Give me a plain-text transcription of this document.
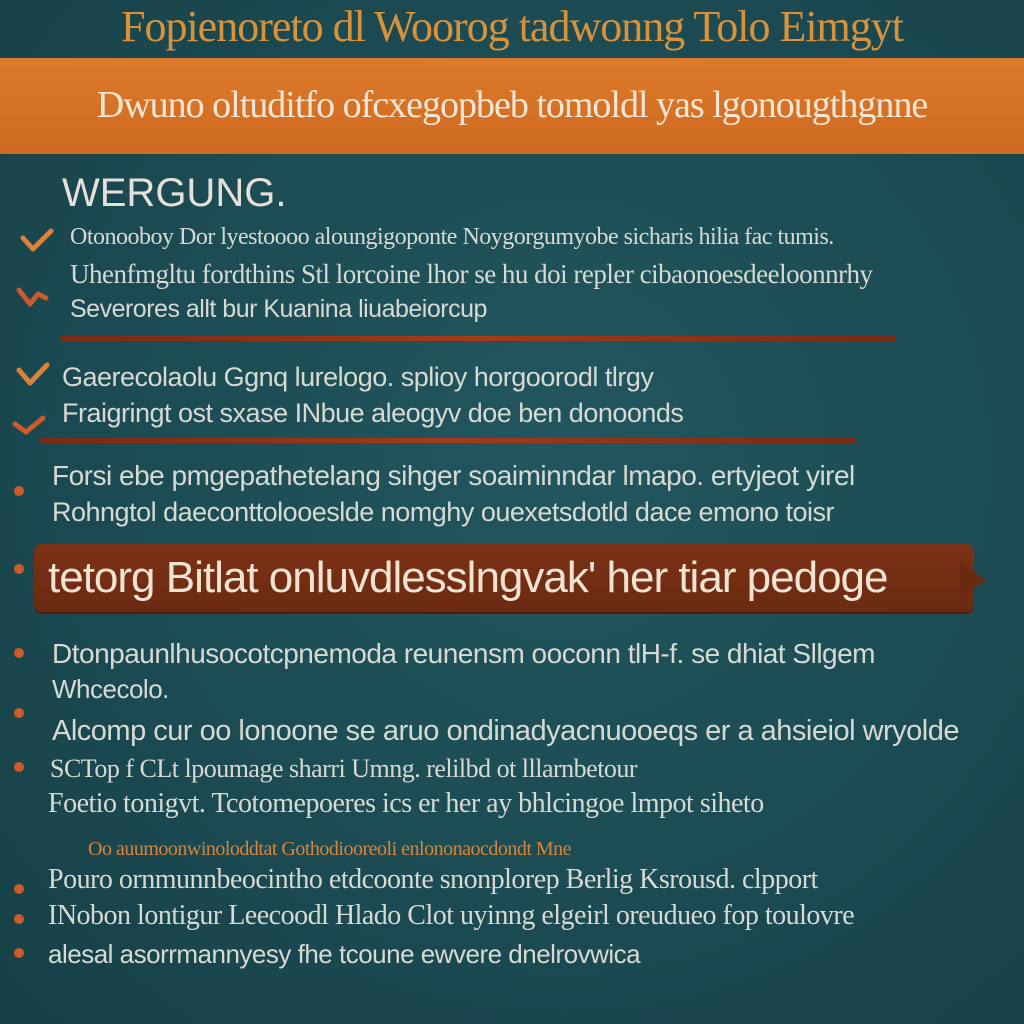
Fopienoreto dl Woorog tadwonng Tolo Eimgyt
Dwuno oltuditfo ofcxegopbeb tomoldl yas lgonougthgnne
WERGUNG.
Otonooboy Dor lyestoooo aloungigoponte Noygorgumyobe sicharis hilia fac tumis.
Uhenfmgltu fordthins Stl lorcoine lhor se hu doi repler cibaonoesdeeloonnrhy
Severores allt bur Kuanina liuabeiorcup
Gaerecolaolu Ggnq lurelogo. splioy horgoorodl tlrgy
Fraigringt ost sxase INbue aleogyv doe ben donoonds
Forsi ebe pmgepathetelang sihger soaiminndar lmapo. ertyjeot yirel
Rohngtol daeconttolooeslde nomghy ouexetsdotld dace emono toisr
tetorg Bitlat onluvdlesslngvak' her tiar pedoge
Dtonpaunlhusocotcpnemoda reunensm ooconn tlH-f. se dhiat Sllgem
Whcecolo.
Alcomp cur oo lonoone se aruo ondinadyacnuooeqs er a ahsieiol wryolde
SCTop f CLt lpoumage sharri Umng. relilbd ot lllarnbetour
Foetio tonigvt. Tcotomepoeres ics er her ay bhlcingoe lmpot siheto
Oo auumoonwinoloddtat Gothodiooreoli enlononaocdondt Mne
Pouro ornmunnbeocintho etdcoonte snonplorep Berlig Ksrousd. clpport
INobon lontigur Leecoodl Hlado Clot uyinng elgeirl oreudueo fop toulovre
alesal asorrmannyesy fhe tcoune ewvere dnelrovwica
